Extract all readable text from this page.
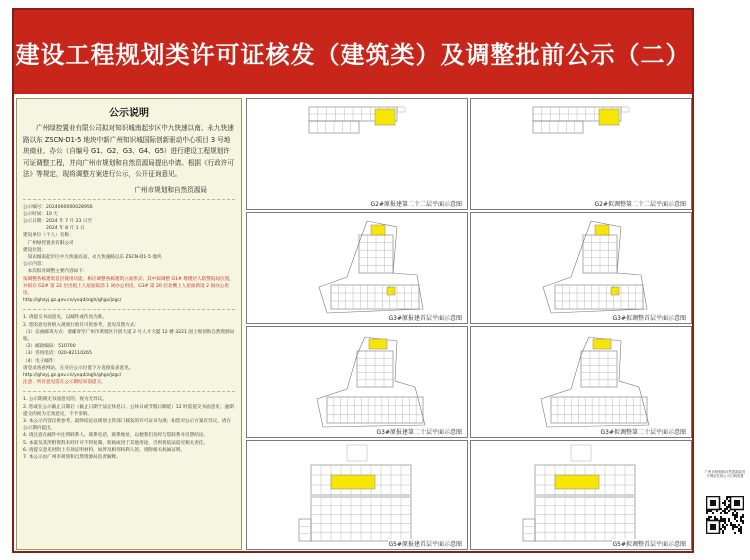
建设工程规划类许可证核发（建筑类）及调整批前公示（二）
公示说明
广州绿控置业有限公司拟对知识城南起步区中九快速以南、永九快速路以东 ZSCN-D1-5 地块中新广州知识城国际创新驱动中心项目 3 号地块商业、办公（自编号 G1、G2、G3、G4、G5）进行建设工程规划许可证调整工程，并向广州市规划和自然资源局提出申请。根据《行政许可法》等规定，现将调整方案进行公示，公开征询意见。
广州市规划和自然资源局
公示编号：2024060000028956
公示时间：10 天
公示日期：2024 年 7 月 23 日至
　　　　　2024 年 8 月 1 日
建设单位（个人）名称：
　广州绿控置业有限公司
建设位置：
　知识城南起步区中九快速以南、永九快速路以东 ZSCN-D1-5 地块
公示内容：
　本次拟对调整主要内容如下：
按调整各栋建筑首层使用功能，相应调整各栋建筑立面形式；其中拟调整 G1# 塔楼层人防警报间位置，并拟在 G2# 第 22 层出租上人屋面取消 1 间办公用房，G3# 第 20 层北侧上人屋面新设 2 间办公用房。
http://ghzyj.gz.gov.cn/yxqd/zqjh/ghgs/jzgc/
1. 请提交书面意见，以邮件或传真为准。
2. 您的意见将纳入规划行政许可的参考，意见反馈方式：
（1）信函邮寄方式：请邮寄至广州市黄埔区开创大道 2 号人才大厦 12 楼 3221 国土规划和自然资源局收。
（2）邮政编码：510700
（3）咨询电话：020-82110265
（4）电子邮件：
请登录查看网站，在对应公示位置下方直接发表意见。
http://ghzyj.gz.gov.cn/yxqd/zqjh/ghgs/jzgc/
注意：所有意见需在公示期结束前提交。
1. 公示期满无书面意见的，视为无异议。
2. 您或在公示截止日期后（截止日期于法定休息日、公休日或节假日顺延）12 时前提交书面意见；逾期提交的视为无效意见，不予采纳。
3. 本公示内容仅供参考，最终结论以规划主管部门核发的许可证书为准；如您对公示方案有异议，请在公示期内提出。
4. 请注意在邮件中注明联系人、联系电话，联系地址，以便我们及时与您联系并反馈结论。
5. 本案及其所附资料未经许可不得复制、转载或用于其他用途，否则将依法追究相关责任。
6. 请提交意见时附上有效证明材料，如涉及相邻权利人的，请附相关权属证明。
7. 本公示由广州市规划和自然资源局负责解释。
G2#原报建第二十二层平面示意图	G2#拟调整第二十二层平面示意图
G3#原报建首层平面示意图	G3#拟调整首层平面示意图
G3#原报建第二十层平面示意图	G3#拟调整第二十层平面示意图
G5#原报建首层平面示意图	G5#拟调整首层平面示意图
广州市规划和自然资源局官方网站在线公示扫码查看
